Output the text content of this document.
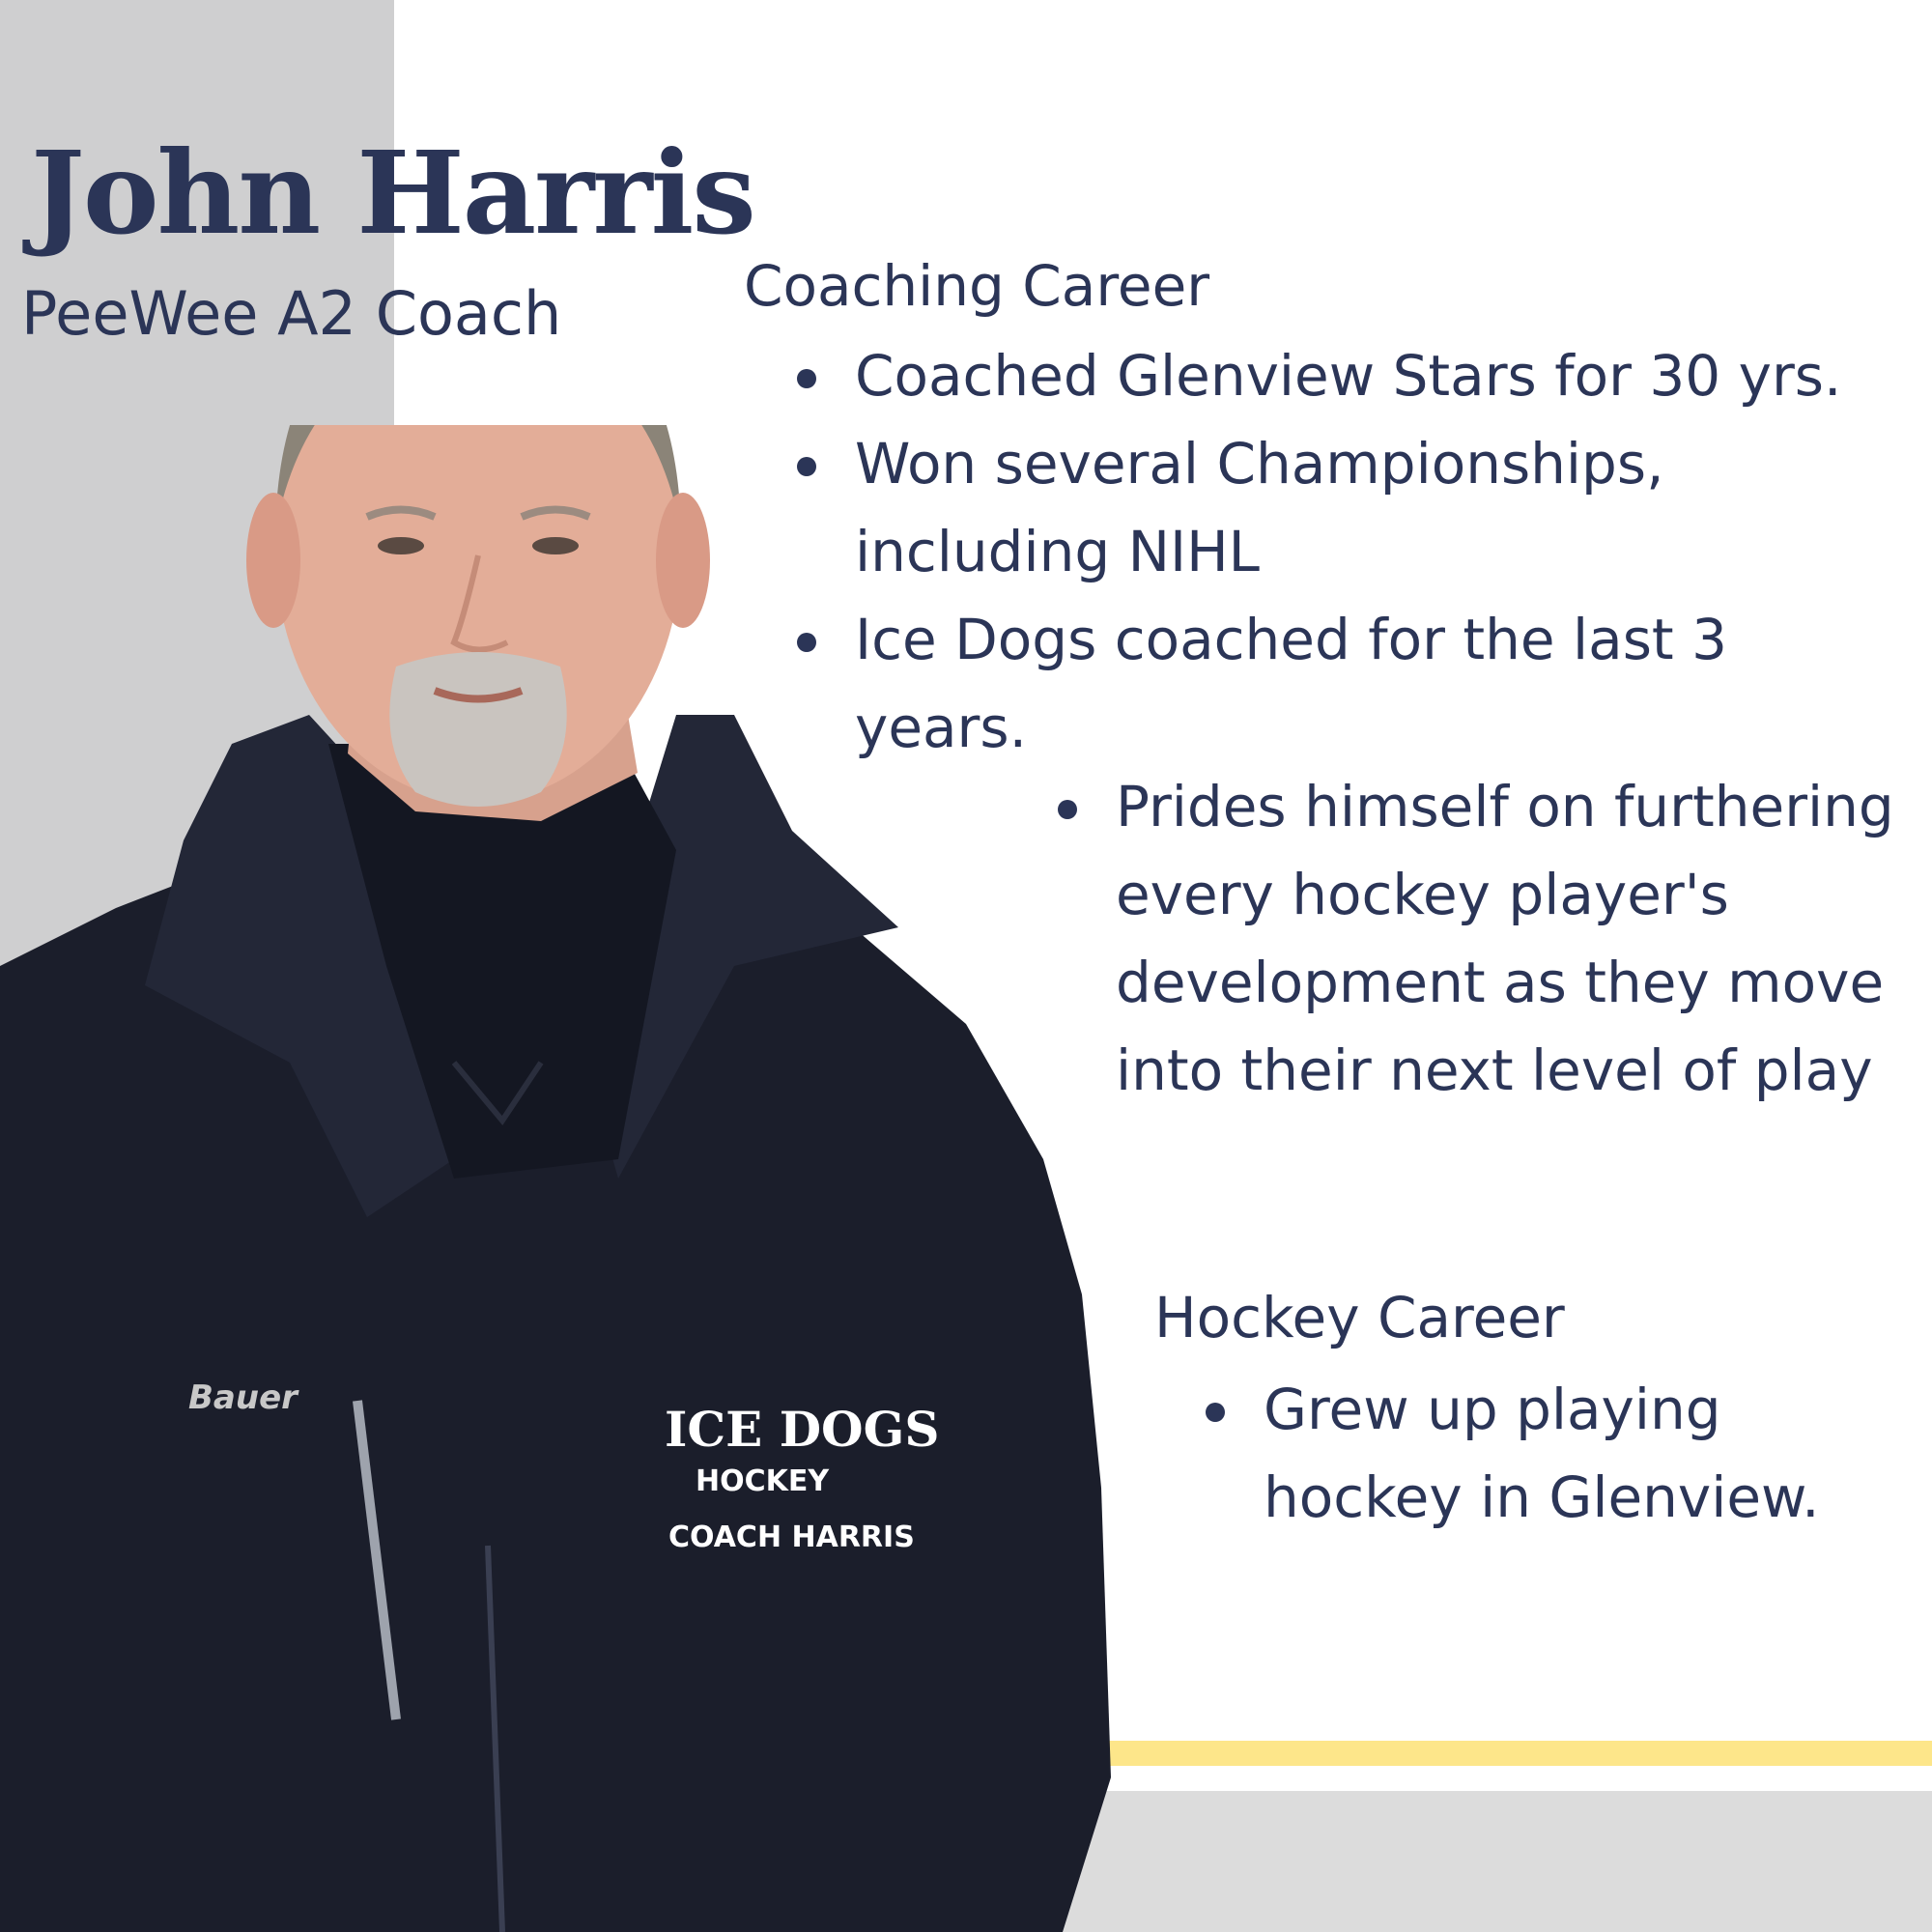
John Harris

PeeWee A2 Coach

Bauer
ICE DOGS
HOCKEY
COACH HARRIS

Coaching Career

Coached Glenview Stars for 30 yrs.
Won several Championships, including NIHL
Ice Dogs coached for the last 3 years.
Prides himself on furthering every hockey player's development as they move into their next level of play

Hockey Career

Grew up playing hockey in Glenview.
